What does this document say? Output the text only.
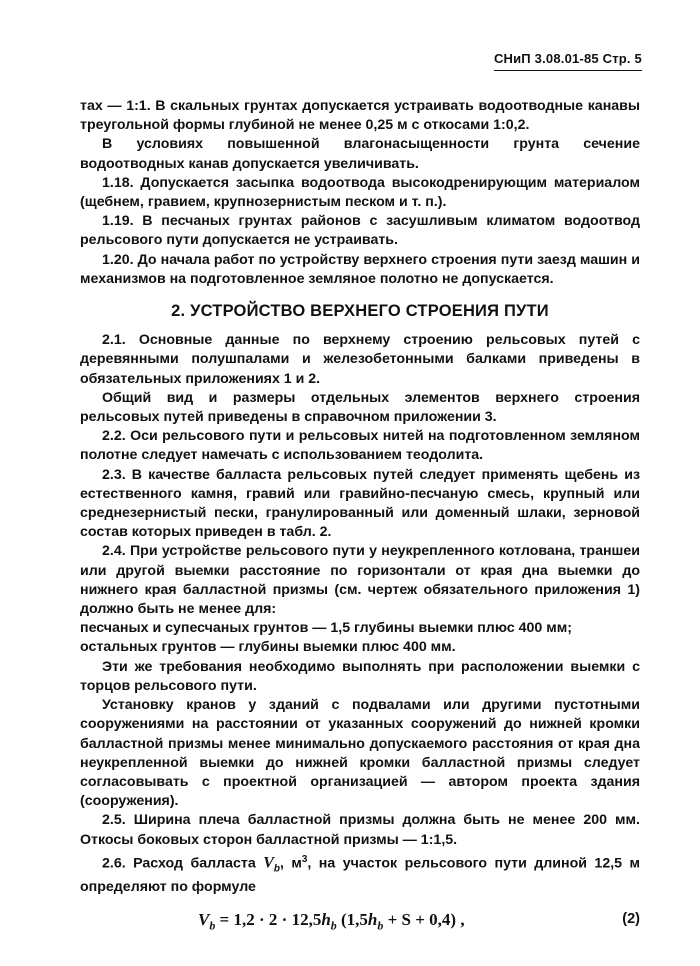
СНиП 3.08.01-85 Стр. 5
тах — 1:1. В скальных грунтах допускается устраивать водоотводные канавы треугольной формы глубиной не менее 0,25 м с откосами 1:0,2.
В условиях повышенной влагонасыщенности грунта сечение водоотводных канав допускается увеличивать.
1.18. Допускается засыпка водоотвода высокодренирующим материалом (щебнем, гравием, крупнозернистым песком и т. п.).
1.19. В песчаных грунтах районов с засушливым климатом водоотвод рельсового пути допускается не устраивать.
1.20. До начала работ по устройству верхнего строения пути заезд машин и механизмов на подготовленное земляное полотно не допускается.
2. УСТРОЙСТВО ВЕРХНЕГО СТРОЕНИЯ ПУТИ
2.1. Основные данные по верхнему строению рельсовых путей с деревянными полушпалами и железобетонными балками приведены в обязательных приложениях 1 и 2.
Общий вид и размеры отдельных элементов верхнего строения рельсовых путей приведены в справочном приложении 3.
2.2. Оси рельсового пути и рельсовых нитей на подготовленном земляном полотне следует намечать с использованием теодолита.
2.3. В качестве балласта рельсовых путей следует применять щебень из естественного камня, гравий или гравийно-песчаную смесь, крупный или среднезернистый пески, гранулированный или доменный шлаки, зерновой состав которых приведен в табл. 2.
2.4. При устройстве рельсового пути у неукрепленного котлована, траншеи или другой выемки расстояние по горизонтали от края дна выемки до нижнего края балластной призмы (см. чертеж обязательного приложения 1) должно быть не менее для:
песчаных и супесчаных грунтов — 1,5 глубины выемки плюс 400 мм;
остальных грунтов — глубины выемки плюс 400 мм.
Эти же требования необходимо выполнять при расположении выемки с торцов рельсового пути.
Установку кранов у зданий с подвалами или другими пустотными сооружениями на расстоянии от указанных сооружений до нижней кромки балластной призмы менее минимально допускаемого расстояния от края дна неукрепленной выемки до нижней кромки балластной призмы следует согласовывать с проектной организацией — автором проекта здания (сооружения).
2.5. Ширина плеча балластной призмы должна быть не менее 200 мм. Откосы боковых сторон балластной призмы — 1:1,5.
2.6. Расход балласта $V_b$, $м^3$, на участок рельсового пути длиной 12,5 м определяют по формуле
$V_b = 1,2 \cdot 2 \cdot 12,5h_b$ $(1,5h_b + S + 0,4)$ ,	(2)
